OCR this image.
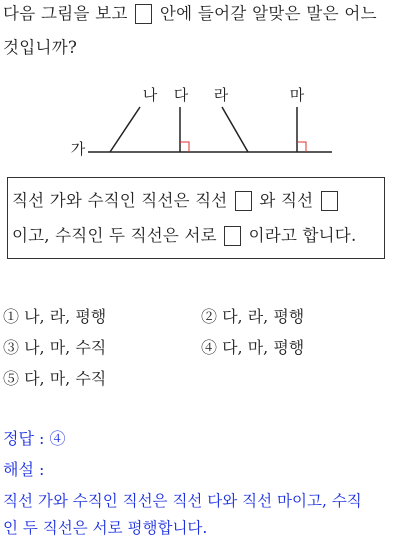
다음 그림을 보고 안에 들어갈 알맞은 말은 어느
것입니까?
나 다 라	마
가
직선 가와 수직인 직선은 직선 와 직선
이고, 수직인 두 직선은 서로 이라고 합니다.
① 나, 라, 평행	② 다, 라, 평행
③ 나, 마, 수직	④ 다, 마, 평행
⑤ 다, 마, 수직
정답 : ④
해설 :
직선 가와 수직인 직선은 직선 다와 직선 마이고, 수직
인 두 직선은 서로 평행합니다.
